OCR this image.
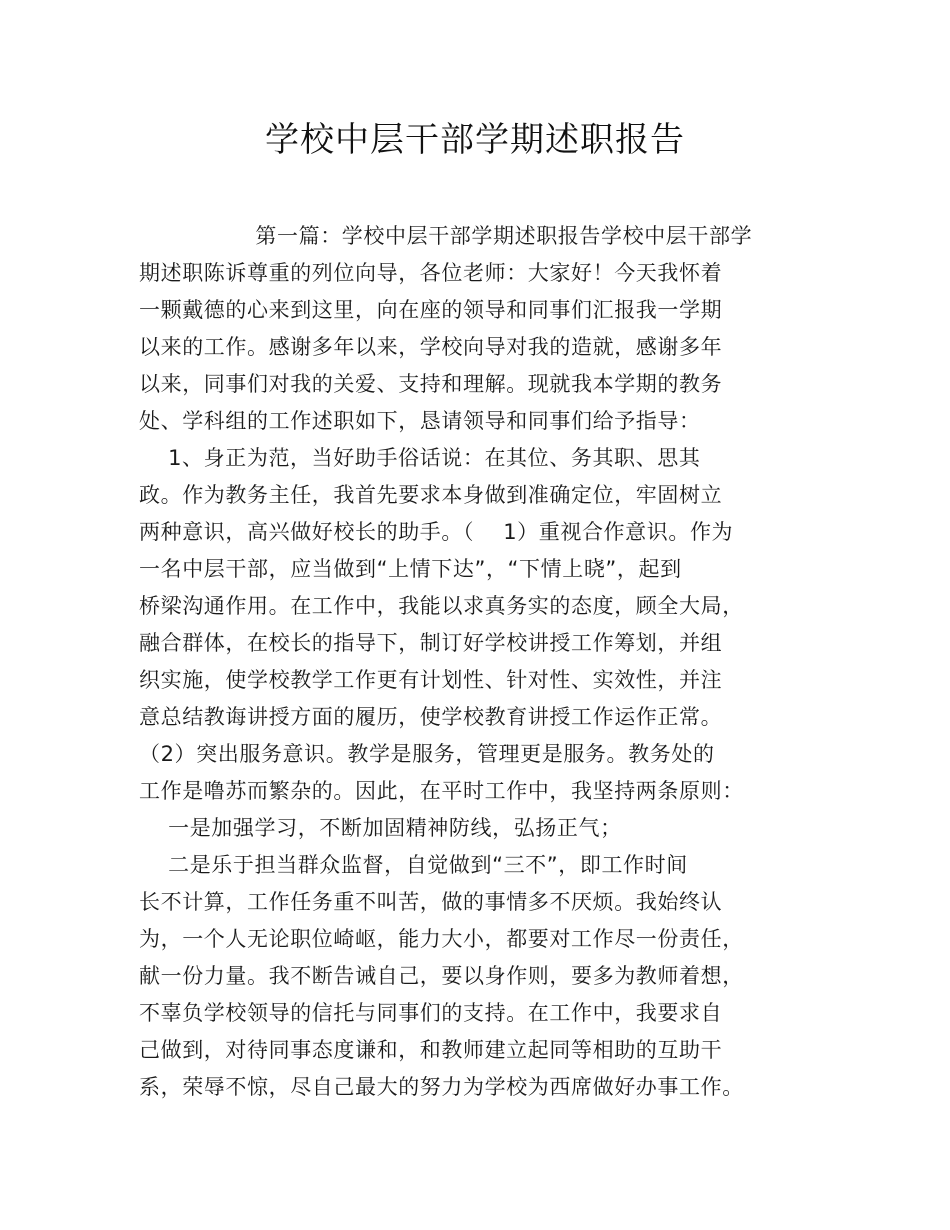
学校中层干部学期述职报告
第一篇：学校中层干部学期述职报告学校中层干部学
期述职陈诉尊重的列位向导，各位老师：大家好！今天我怀着
一颗戴德的心来到这里，向在座的领导和同事们汇报我一学期
以来的工作。感谢多年以来，学校向导对我的造就，感谢多年
以来，同事们对我的关爱、支持和理解。现就我本学期的教务
处、学科组的工作述职如下，恳请领导和同事们给予指导：
1、身正为范，当好助手俗话说：在其位、务其职、思其
政。作为教务主任，我首先要求本身做到准确定位，牢固树立
两种意识，高兴做好校长的助手。（    1）重视合作意识。作为
一名中层干部，应当做到“上情下达”，“下情上晓”，起到
桥梁沟通作用。在工作中，我能以求真务实的态度，顾全大局，
融合群体，在校长的指导下，制订好学校讲授工作筹划，并组
织实施，使学校教学工作更有计划性、针对性、实效性，并注
意总结教诲讲授方面的履历，使学校教育讲授工作运作正常。
（2）突出服务意识。教学是服务，管理更是服务。教务处的
工作是噜苏而繁杂的。因此，在平时工作中，我坚持两条原则：
一是加强学习，不断加固精神防线，弘扬正气；
二是乐于担当群众监督，自觉做到“三不”，即工作时间
长不计算，工作任务重不叫苦，做的事情多不厌烦。我始终认
为，一个人无论职位崎岖，能力大小，都要对工作尽一份责任，
献一份力量。我不断告诫自己，要以身作则，要多为教师着想，
不辜负学校领导的信托与同事们的支持。在工作中，我要求自
己做到，对待同事态度谦和，和教师建立起同等相助的互助干
系，荣辱不惊，尽自己最大的努力为学校为西席做好办事工作。
